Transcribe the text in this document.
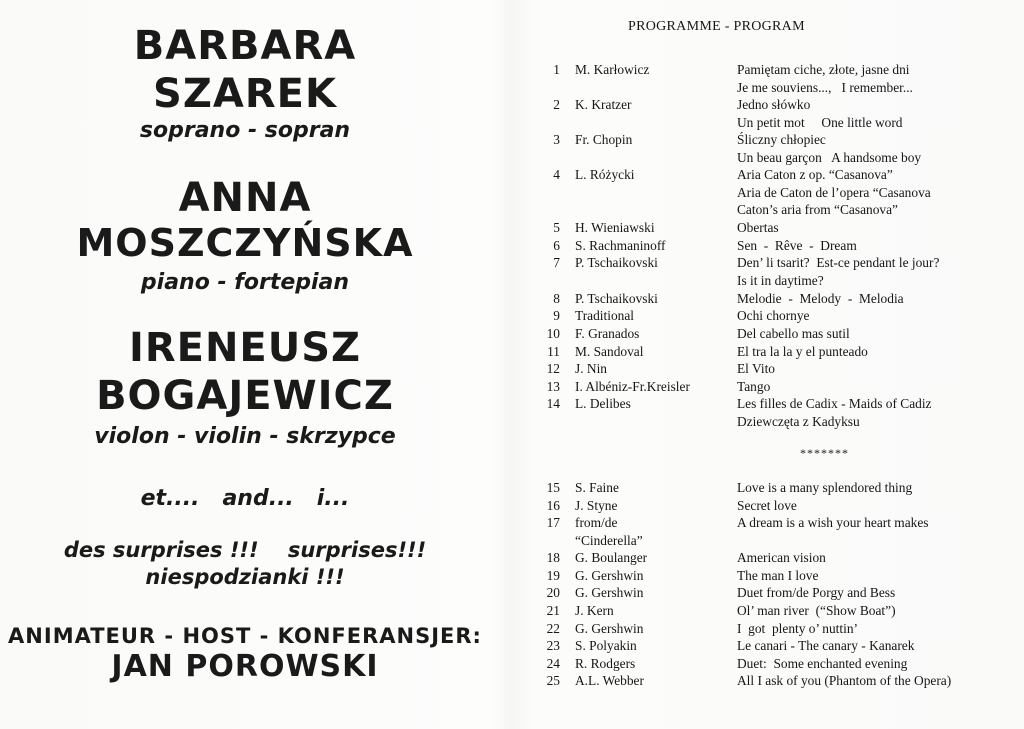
BARBARA
SZAREK
soprano - sopran
ANNA
MOSZCZYŃSKA
piano - fortepian
IRENEUSZ
BOGAJEWICZ
violon - violin - skrzypce
et....   and...   i...
des surprises !!!    surprises!!!
niespodzianki !!!
ANIMATEUR - HOST - KONFERANSJER:
JAN POROWSKI
PROGRAMME - PROGRAM
1 M. Karłowicz	Pamiętam ciche, złote, jasne dni
Je me souviens...,   I remember...
2 K. Kratzer	Jedno słówko
Un petit mot     One little word
3 Fr. Chopin	Śliczny chłopiec
Un beau garçon   A handsome boy
4 L. Różycki	Aria Caton z op. “Casanova”
Aria de Caton de l’opera “Casanova
Caton’s aria from “Casanova”
5 H. Wieniawski	Obertas
6 S. Rachmaninoff	Sen  -  Rêve  -  Dream
7 P. Tschaikovski	Den’ li tsarit?  Est-ce pendant le jour?
Is it in daytime?
8 P. Tschaikovski	Melodie  -  Melody  -  Melodia
9 Traditional	Ochi chornye
10 F. Granados	Del cabello mas sutil
11 M. Sandoval	El tra la la y el punteado
12 J. Nin	El Vito
13 I. Albéniz-Fr.Kreisler	Tango
14 L. Delibes	Les filles de Cadix - Maids of Cadiz
Dziewczęta z Kadyksu
15 S. Faine	Love is a many splendored thing
16 J. Styne	Secret love
17 from/de	A dream is a wish your heart makes
“Cinderella”
18 G. Boulanger	American vision
19 G. Gershwin	The man I love
20 G. Gershwin	Duet from/de Porgy and Bess
21 J. Kern	Ol’ man river  (“Show Boat”)
22 G. Gershwin	I  got  plenty o’ nuttin’
23 S. Polyakin	Le canari - The canary - Kanarek
24 R. Rodgers	Duet:  Some enchanted evening
25 A.L. Webber	All I ask of you (Phantom of the Opera)
*******
